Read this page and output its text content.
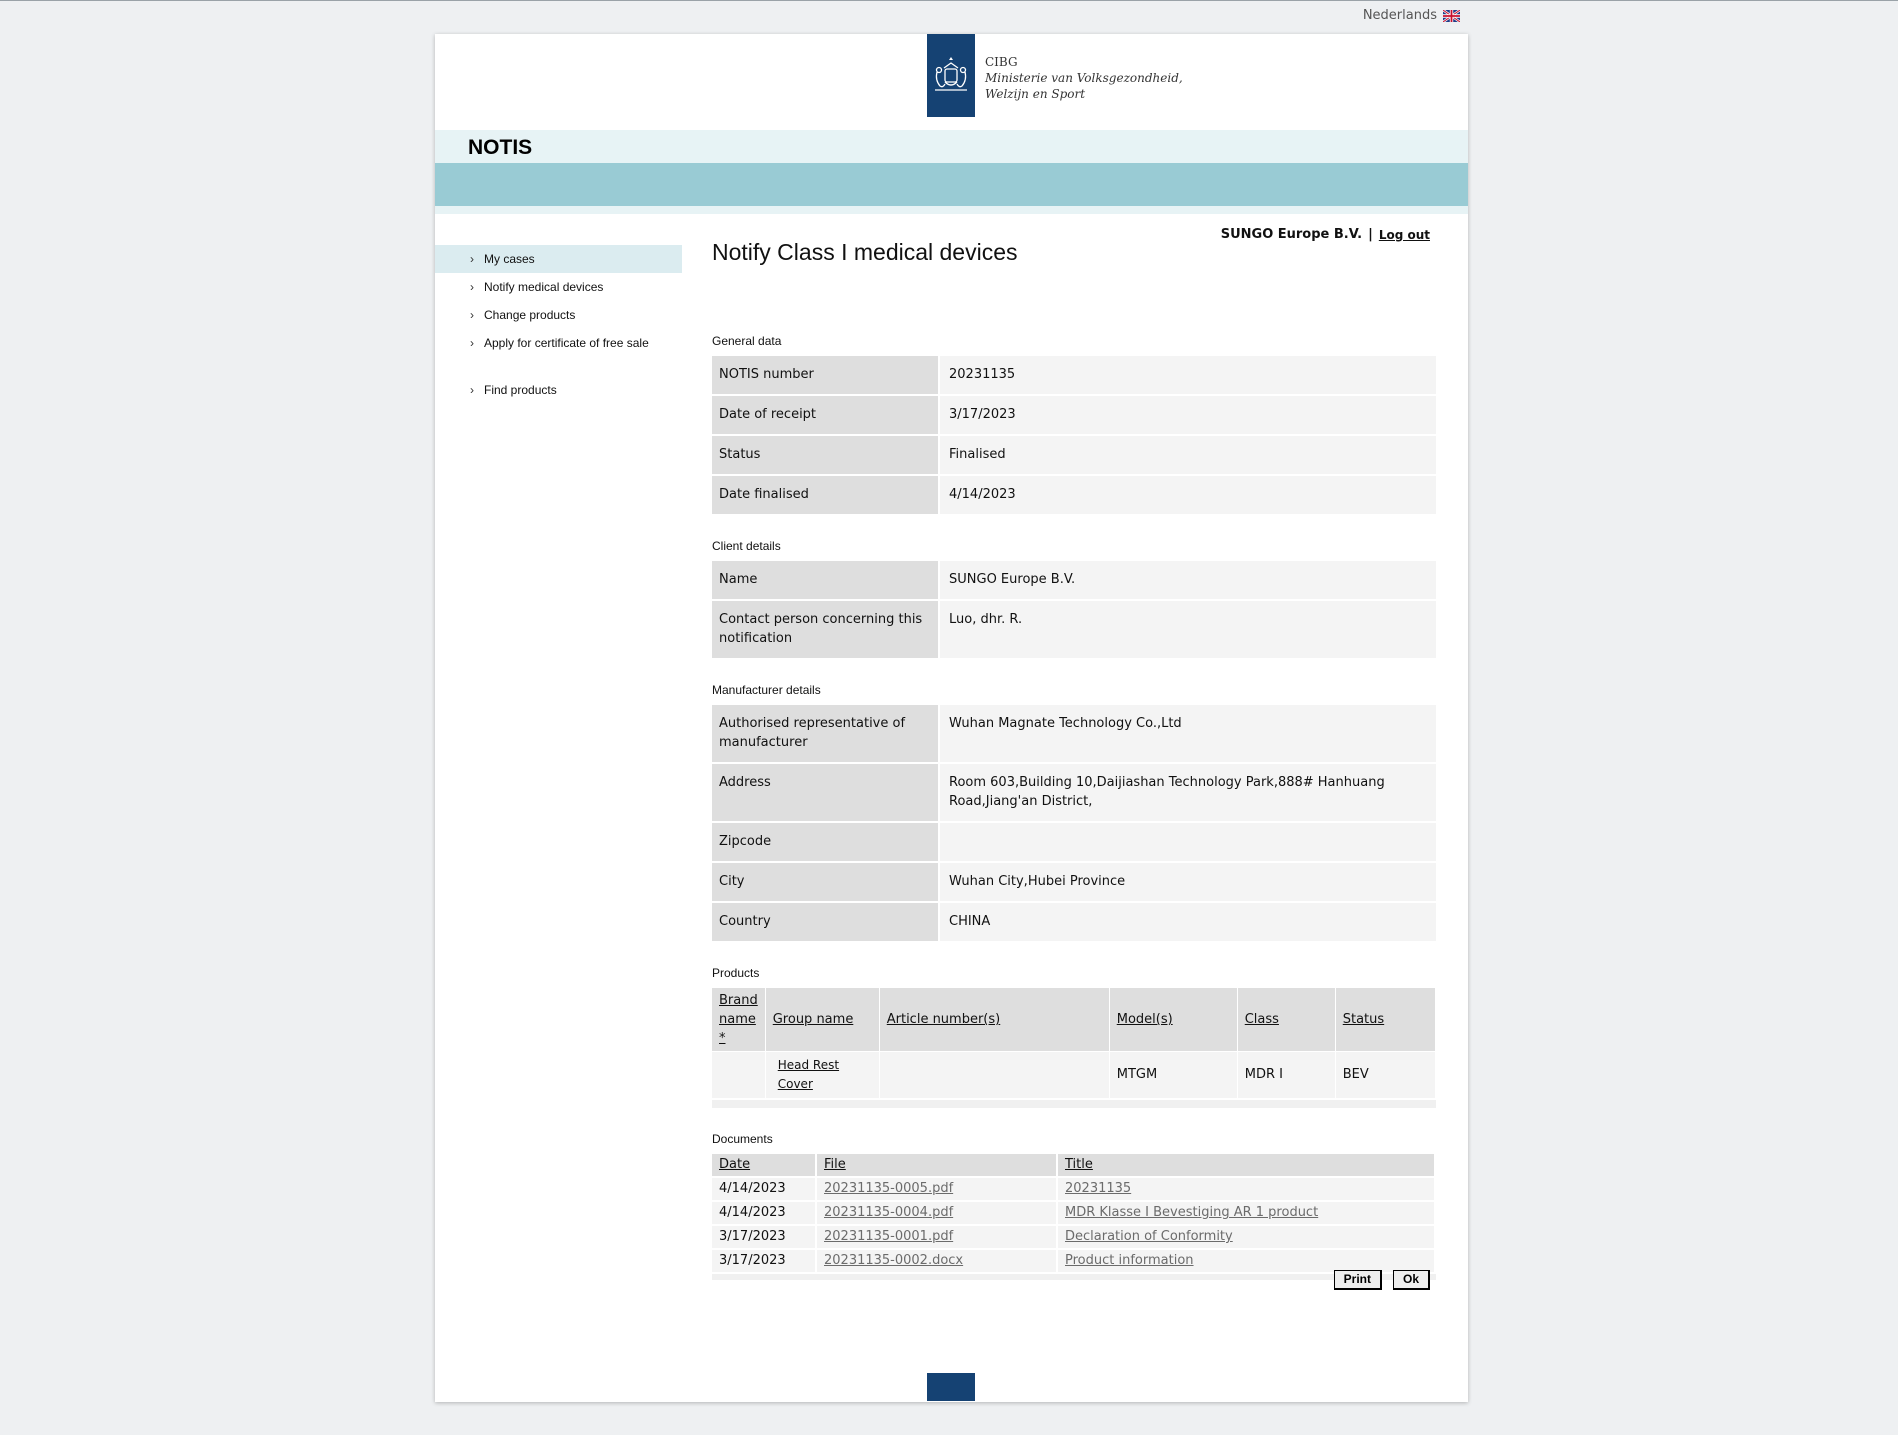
Nederlands
CIBG
Ministerie van Volksgezondheid,
Welzijn en Sport
NOTIS
SUNGO Europe B.V. | Log out
› My cases
› Notify medical devices
› Change products
› Apply for certificate of free sale
› Find products
Notify Class I medical devices
General data
NOTIS number	20231135
Date of receipt	3/17/2023
Status	Finalised
Date finalised	4/14/2023
Client details
Name	SUNGO Europe B.V.
Contact person concerning this notification	Luo, dhr. R.
Manufacturer details
Authorised representative of manufacturer	Wuhan Magnate Technology Co.,Ltd
Address	Room 603,Building 10,Daijiashan Technology Park,888# Hanhuang Road,Jiang'an District,
Zipcode	
City	Wuhan City,Hubei Province
Country	CHINA
Products
Brand name *	Group name	Article number(s)	Model(s)	Class	Status
	Head Rest Cover		MTGM	MDR I	BEV
Documents
Date	File	Title
4/14/2023	20231135-0005.pdf	20231135
4/14/2023	20231135-0004.pdf	MDR Klasse I Bevestiging AR 1 product
3/17/2023	20231135-0001.pdf	Declaration of Conformity
3/17/2023	20231135-0002.docx	Product information
Print	Ok
